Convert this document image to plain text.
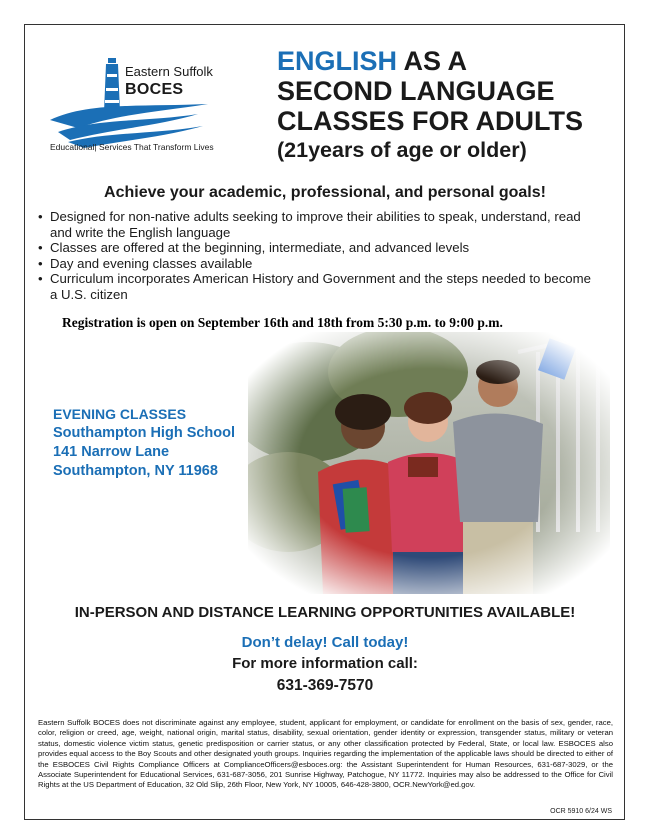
Eastern Suffolk
BOCES
Educational| Services That Transform Lives
ENGLISH AS A
SECOND LANGUAGE
CLASSES FOR ADULTS
(21years of age or older)
Achieve your academic, professional, and personal goals!
• Designed for non-native adults seeking to improve their abilities to speak, understand, read and write the English language
• Classes are offered at the beginning, intermediate, and advanced levels
• Day and evening classes available
• Curriculum incorporates American History and Government and the steps needed to become a U.S. citizen
Registration is open on September 16th and 18th from 5:30 p.m. to 9:00 p.m.
EVENING CLASSES
Southampton High School
141 Narrow Lane
Southampton, NY 11968
IN-PERSON AND DISTANCE LEARNING OPPORTUNITIES AVAILABLE!
Don’t delay! Call today!
For more information call:
631-369-7570
Eastern Suffolk BOCES does not discriminate against any employee, student, applicant for employment, or candidate for enrollment on the basis of sex, gender, race, color, religion or creed, age, weight, national origin, marital status, disability, sexual orientation, gender identity or expression, transgender status, military or veteran status, domestic violence victim status, genetic predisposition or carrier status, or any other classification protected by Federal, State, or local law. ESBOCES also provides equal access to the Boy Scouts and other designated youth groups. Inquiries regarding the implementation of the applicable laws should be directed to either of the ESBOCES Civil Rights Compliance Officers at ComplianceOfficers@esboces.org: the Assistant Superintendent for Human Resources, 631-687-3029, or the Associate Superintendent for Educational Services, 631-687-3056, 201 Sunrise Highway, Patchogue, NY 11772. Inquiries may also be addressed to the Office for Civil Rights at the US Department of Education, 32 Old Slip, 26th Floor, New York, NY 10005, 646-428-3800, OCR.NewYork@ed.gov.
OCR 5910 6/24 WS
